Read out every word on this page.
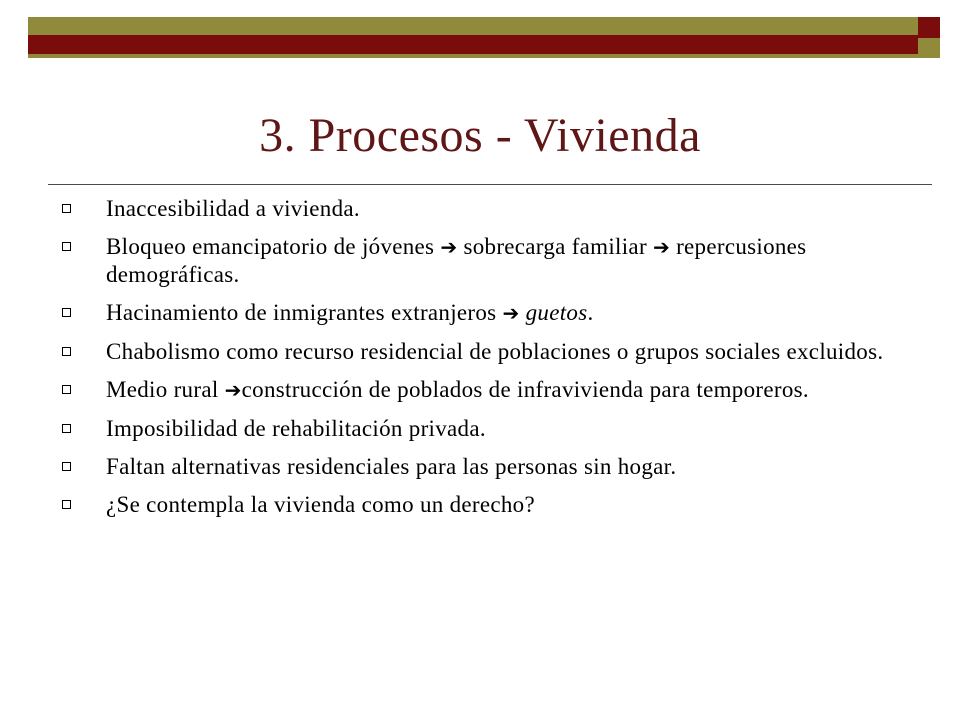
3. Procesos - Vivienda
Inaccesibilidad a vivienda.
Bloqueo emancipatorio de jóvenes ➔ sobrecarga familiar ➔ repercusiones demográficas.
Hacinamiento de inmigrantes extranjeros ➔ guetos.
Chabolismo como recurso residencial de poblaciones o grupos sociales excluidos.
Medio rural ➔construcción de poblados de infravivienda para temporeros.
Imposibilidad de rehabilitación privada.
Faltan alternativas residenciales para las personas sin hogar.
¿Se contempla la vivienda como un derecho?
